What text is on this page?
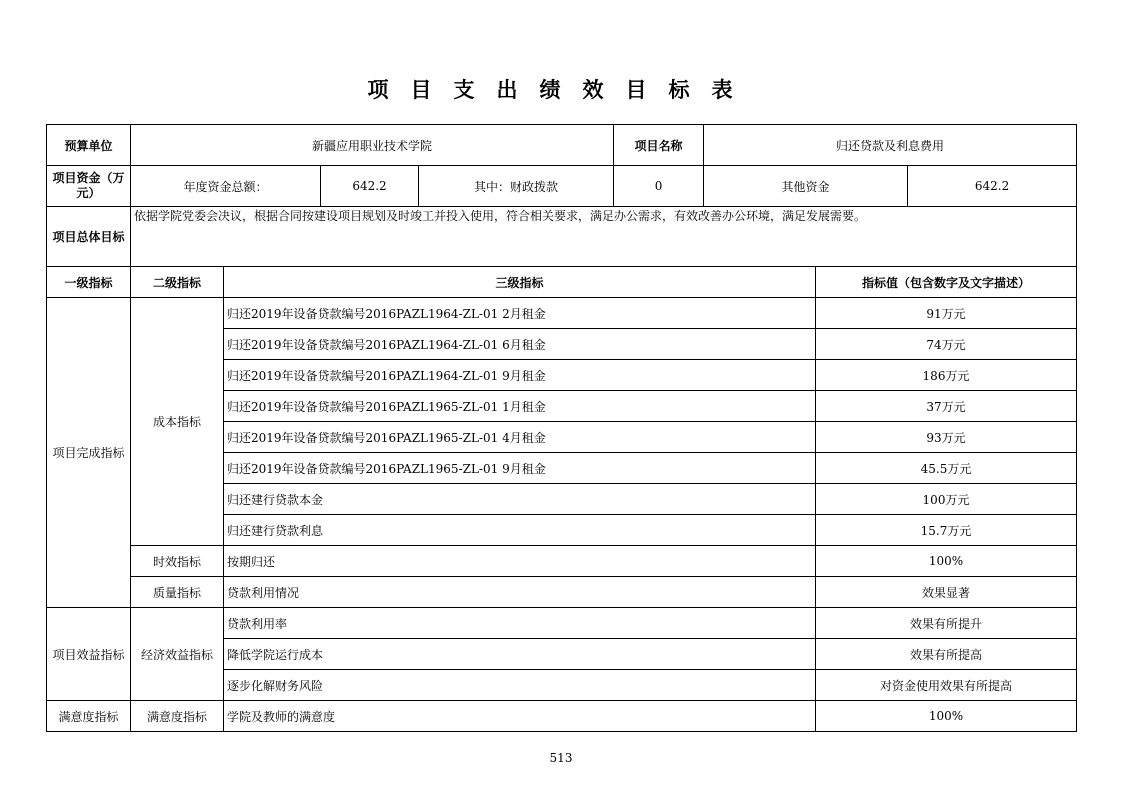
项目支出绩效目标表
预算单位	新疆应用职业技术学院			项目名称	归还贷款及利息费用	
项目资金（万元）	年度资金总额：	642.2	其中：财政拨款	0	其他资金	642.2
项目总体目标	依据学院党委会决议，根据合同按建设项目规划及时竣工并投入使用，符合相关要求，满足办公需求，有效改善办公环境，满足发展需要。					
一级指标	二级指标	三级指标	指标值（包含数字及文字描述）
项目完成指标	成本指标	归还2019年设备贷款编号2016PAZL1964-ZL-01 2月租金	91万元
		归还2019年设备贷款编号2016PAZL1964-ZL-01 6月租金	74万元
		归还2019年设备贷款编号2016PAZL1964-ZL-01 9月租金	186万元
		归还2019年设备贷款编号2016PAZL1965-ZL-01 1月租金	37万元
		归还2019年设备贷款编号2016PAZL1965-ZL-01 4月租金	93万元
		归还2019年设备贷款编号2016PAZL1965-ZL-01 9月租金	45.5万元
		归还建行贷款本金	100万元
		归还建行贷款利息	15.7万元
	时效指标	按期归还	100%
	质量指标	贷款利用情况	效果显著
项目效益指标	经济效益指标	贷款利用率	效果有所提升
		降低学院运行成本	效果有所提高
		逐步化解财务风险	对资金使用效果有所提高
满意度指标	满意度指标	学院及教师的满意度	100%
513
